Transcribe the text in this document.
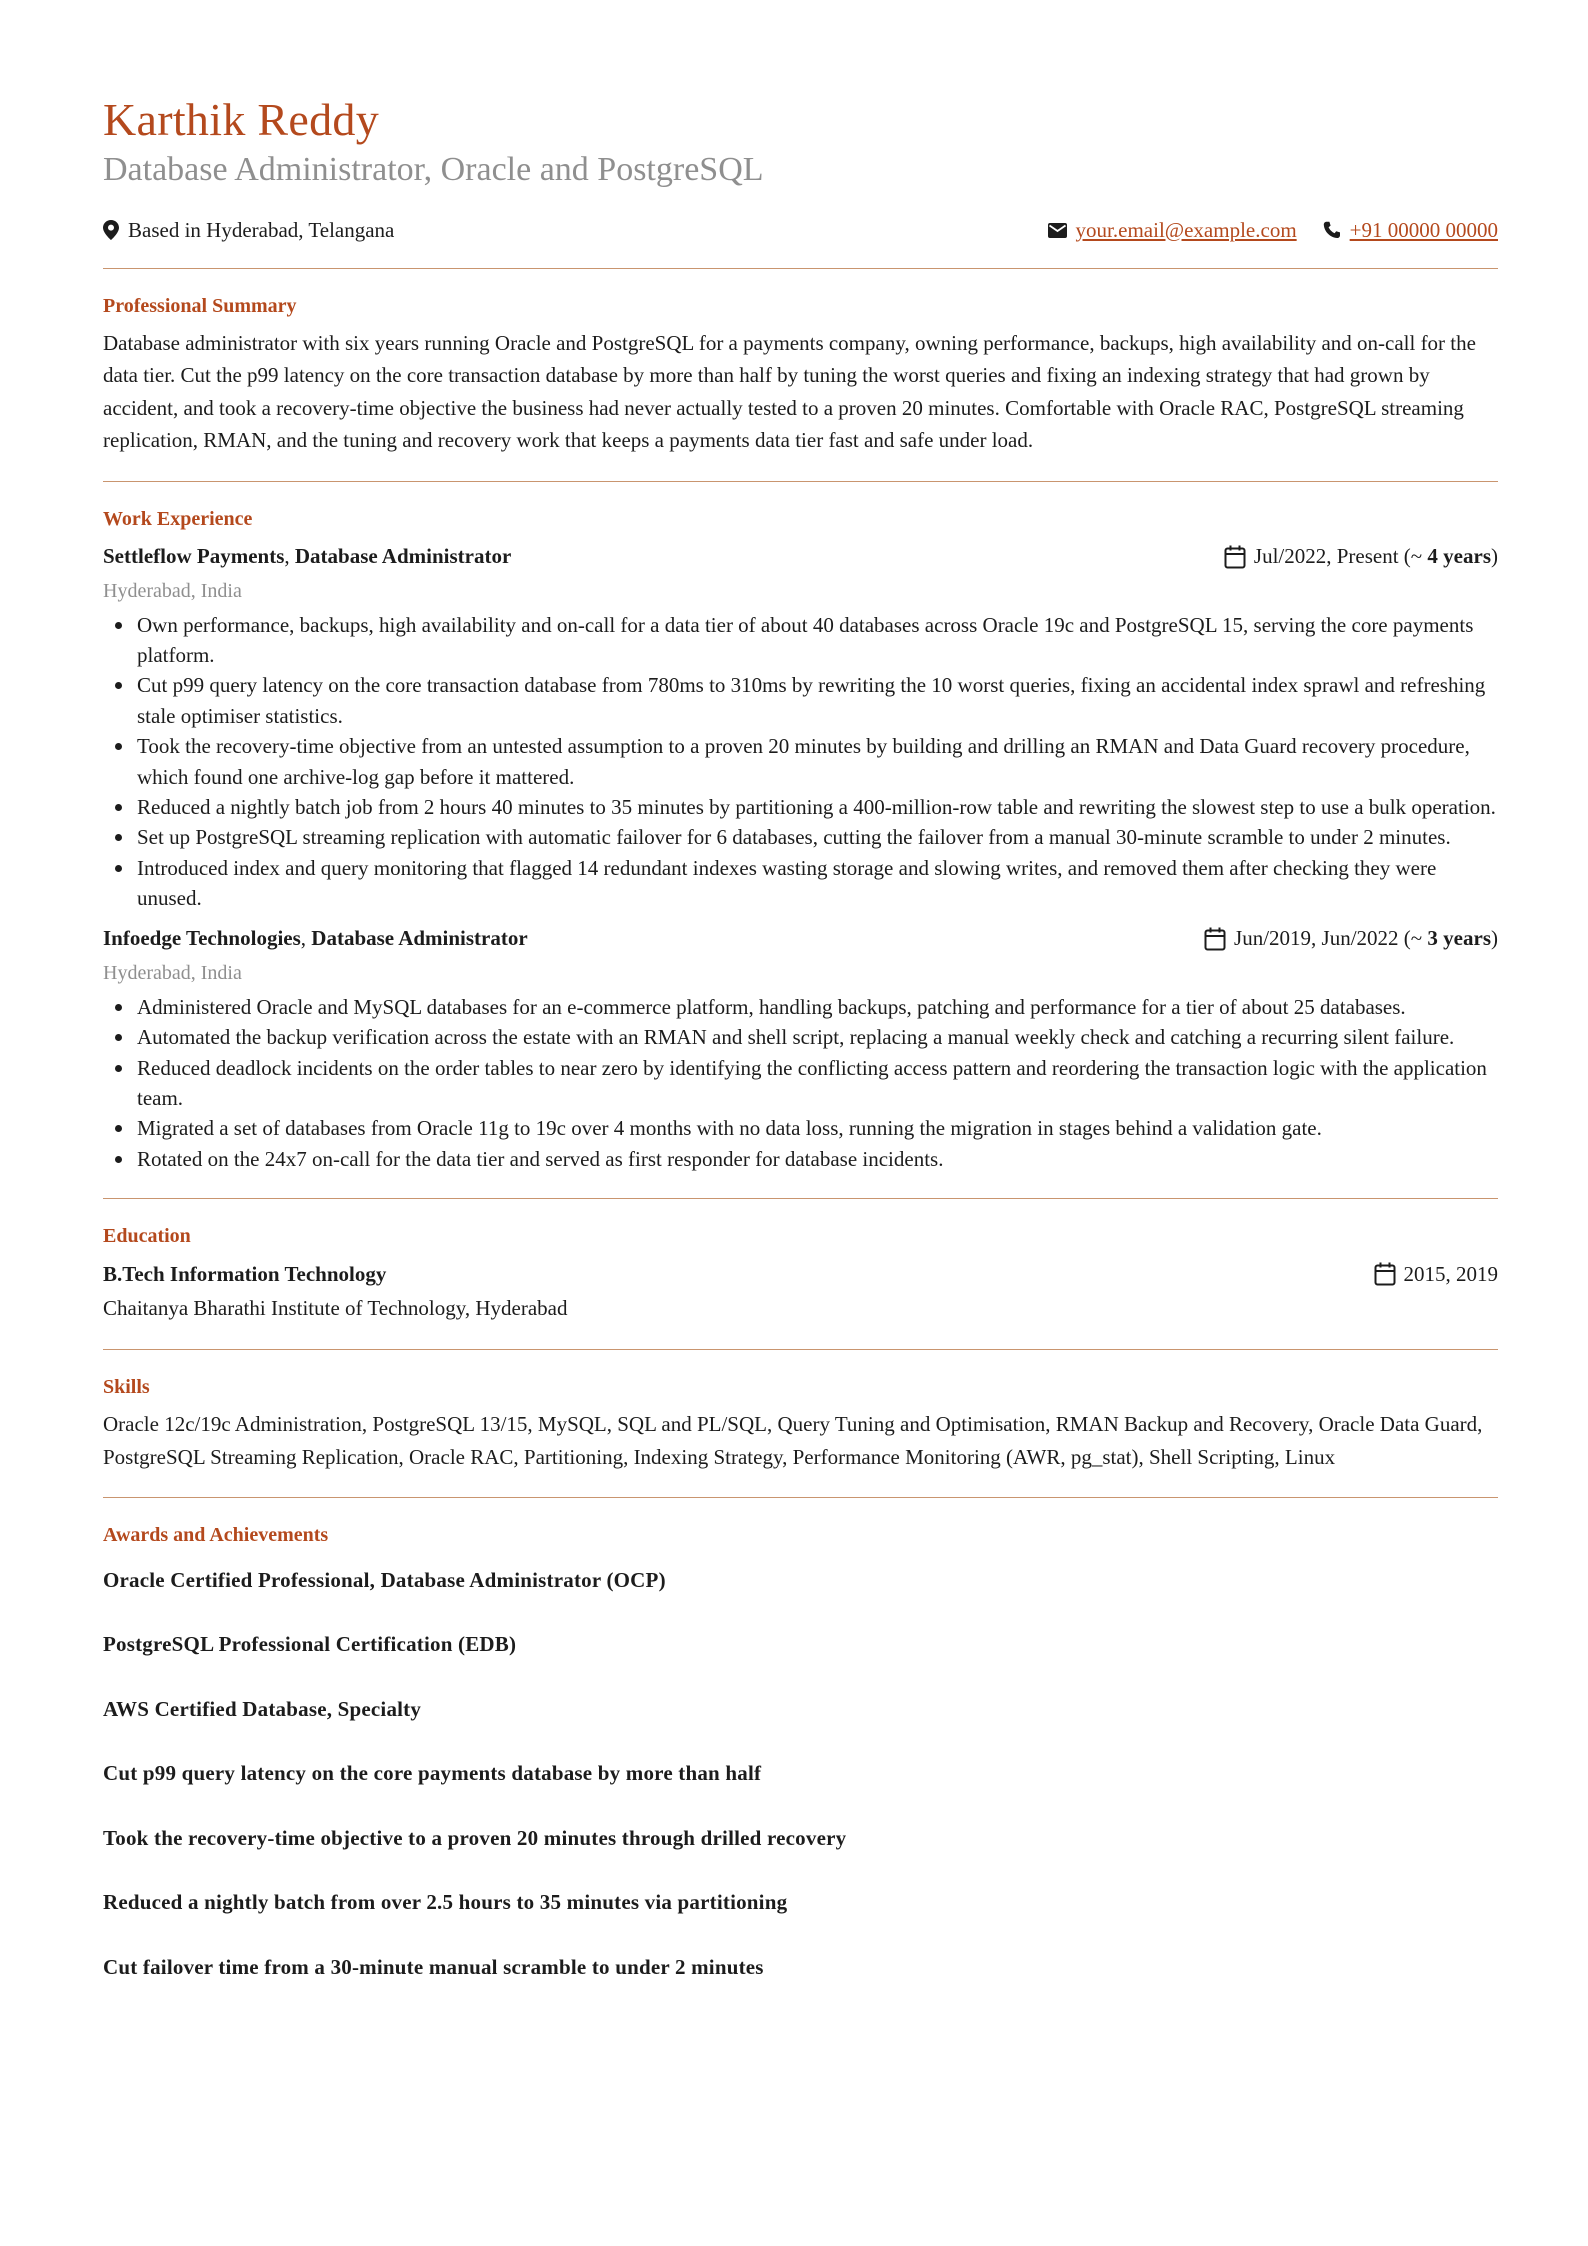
Karthik Reddy
Database Administrator, Oracle and PostgreSQL
Based in Hyderabad, Telangana	your.email@example.com	+91 00000 00000
Professional Summary

Database administrator with six years running Oracle and PostgreSQL for a payments company, owning performance, backups, high availability and on-call for the data tier. Cut the p99 latency on the core transaction database by more than half by tuning the worst queries and fixing an indexing strategy that had grown by accident, and took a recovery-time objective the business had never actually tested to a proven 20 minutes. Comfortable with Oracle RAC, PostgreSQL streaming replication, RMAN, and the tuning and recovery work that keeps a payments data tier fast and safe under load.

Work Experience
Settleflow Payments, Database Administrator	Jul/2022, Present (~ 4 years)
Hyderabad, India
Own performance, backups, high availability and on-call for a data tier of about 40 databases across Oracle 19c and PostgreSQL 15, serving the core payments platform.
Cut p99 query latency on the core transaction database from 780ms to 310ms by rewriting the 10 worst queries, fixing an accidental index sprawl and refreshing stale optimiser statistics.
Took the recovery-time objective from an untested assumption to a proven 20 minutes by building and drilling an RMAN and Data Guard recovery procedure, which found one archive-log gap before it mattered.
Reduced a nightly batch job from 2 hours 40 minutes to 35 minutes by partitioning a 400-million-row table and rewriting the slowest step to use a bulk operation.
Set up PostgreSQL streaming replication with automatic failover for 6 databases, cutting the failover from a manual 30-minute scramble to under 2 minutes.
Introduced index and query monitoring that flagged 14 redundant indexes wasting storage and slowing writes, and removed them after checking they were unused.
Infoedge Technologies, Database Administrator	Jun/2019, Jun/2022 (~ 3 years)
Hyderabad, India
Administered Oracle and MySQL databases for an e-commerce platform, handling backups, patching and performance for a tier of about 25 databases.
Automated the backup verification across the estate with an RMAN and shell script, replacing a manual weekly check and catching a recurring silent failure.
Reduced deadlock incidents on the order tables to near zero by identifying the conflicting access pattern and reordering the transaction logic with the application team.
Migrated a set of databases from Oracle 11g to 19c over 4 months with no data loss, running the migration in stages behind a validation gate.
Rotated on the 24x7 on-call for the data tier and served as first responder for database incidents.
Education
B.Tech Information Technology	2015, 2019
Chaitanya Bharathi Institute of Technology, Hyderabad
Skills

Oracle 12c/19c Administration, PostgreSQL 13/15, MySQL, SQL and PL/SQL, Query Tuning and Optimisation, RMAN Backup and Recovery, Oracle Data Guard, PostgreSQL Streaming Replication, Oracle RAC, Partitioning, Indexing Strategy, Performance Monitoring (AWR, pg_stat), Shell Scripting, Linux

Awards and Achievements

Oracle Certified Professional, Database Administrator (OCP)

PostgreSQL Professional Certification (EDB)

AWS Certified Database, Specialty

Cut p99 query latency on the core payments database by more than half

Took the recovery-time objective to a proven 20 minutes through drilled recovery

Reduced a nightly batch from over 2.5 hours to 35 minutes via partitioning

Cut failover time from a 30-minute manual scramble to under 2 minutes
